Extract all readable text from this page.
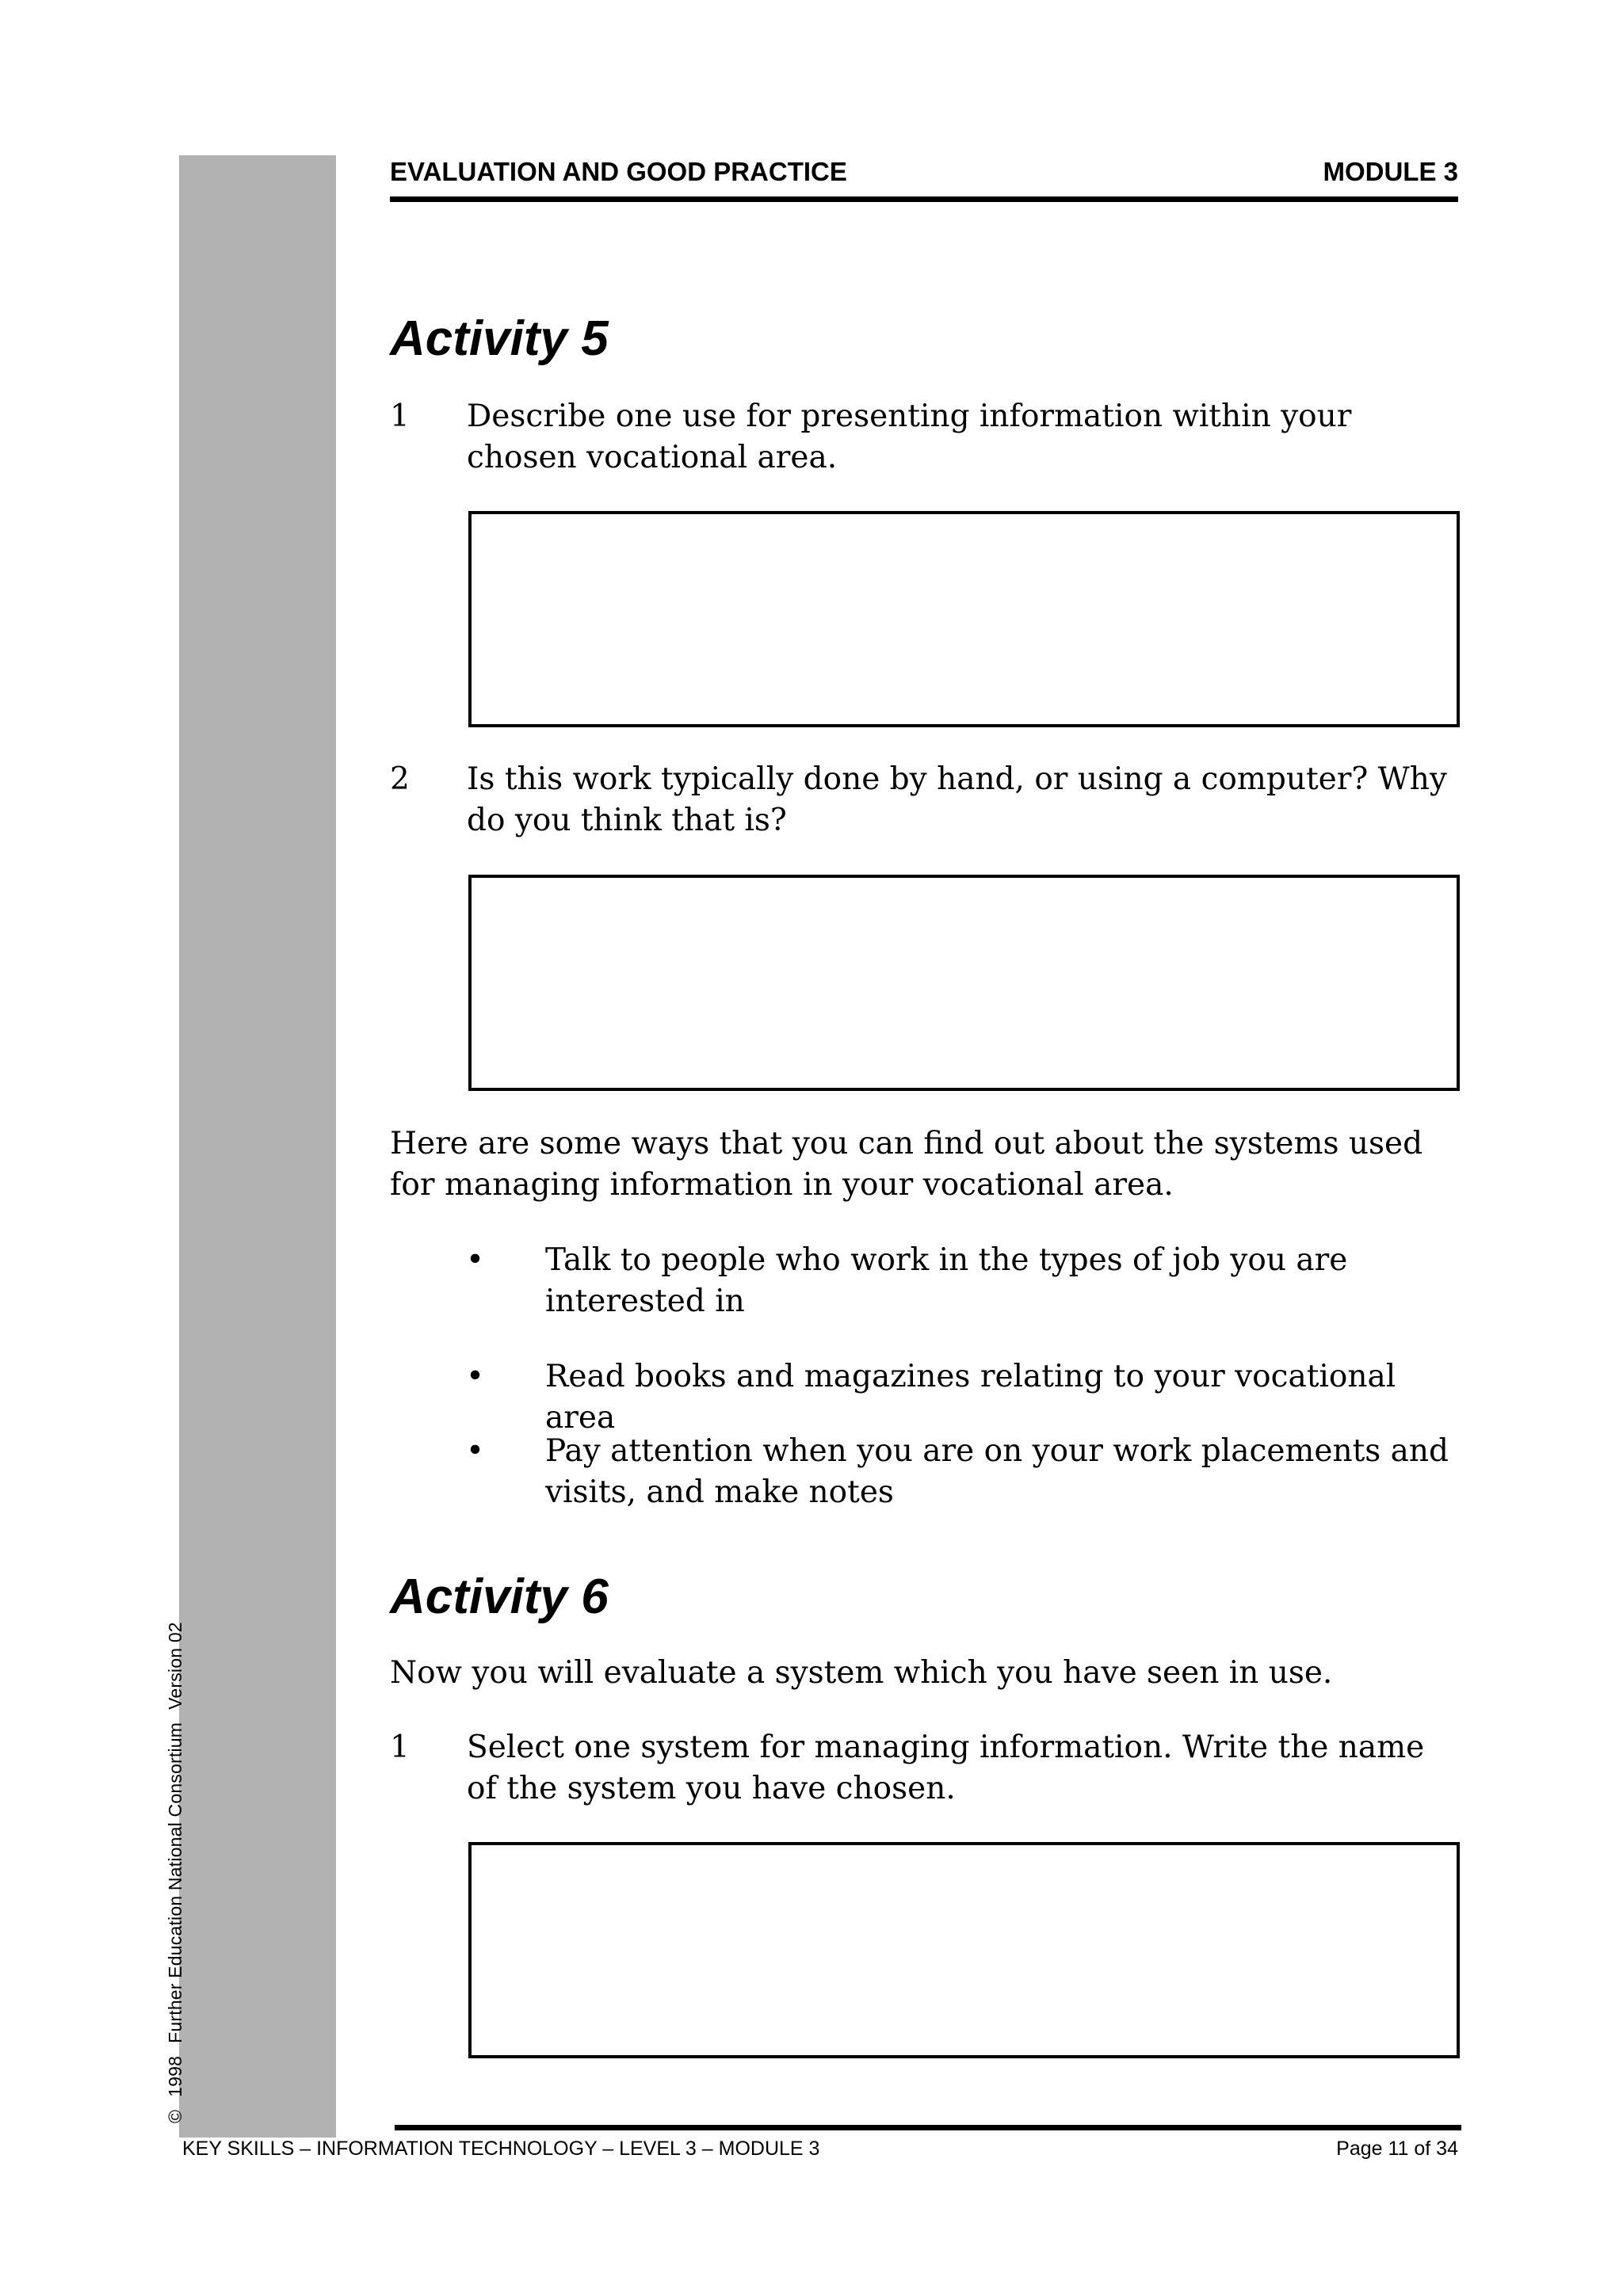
©1998Further Education National ConsortiumVersion 02
EVALUATION AND GOOD PRACTICE	MODULE 3
Activity 5
1 Describe one use for presenting information within your chosen vocational area.
2 Is this work typically done by hand, or using a computer? Why do you think that is?

Here are some ways that you can find out about the systems used for managing information in your vocational area.

• Talk to people who work in the types of job you are interested in
• Read books and magazines relating to your vocational area
• Pay attention when you are on your work placements and visits, and make notes
Activity 6

Now you will evaluate a system which you have seen in use.

1 Select one system for managing information. Write the name of the system you have chosen.
KEY SKILLS – INFORMATION TECHNOLOGY – LEVEL 3 – MODULE 3	Page 11 of 34
